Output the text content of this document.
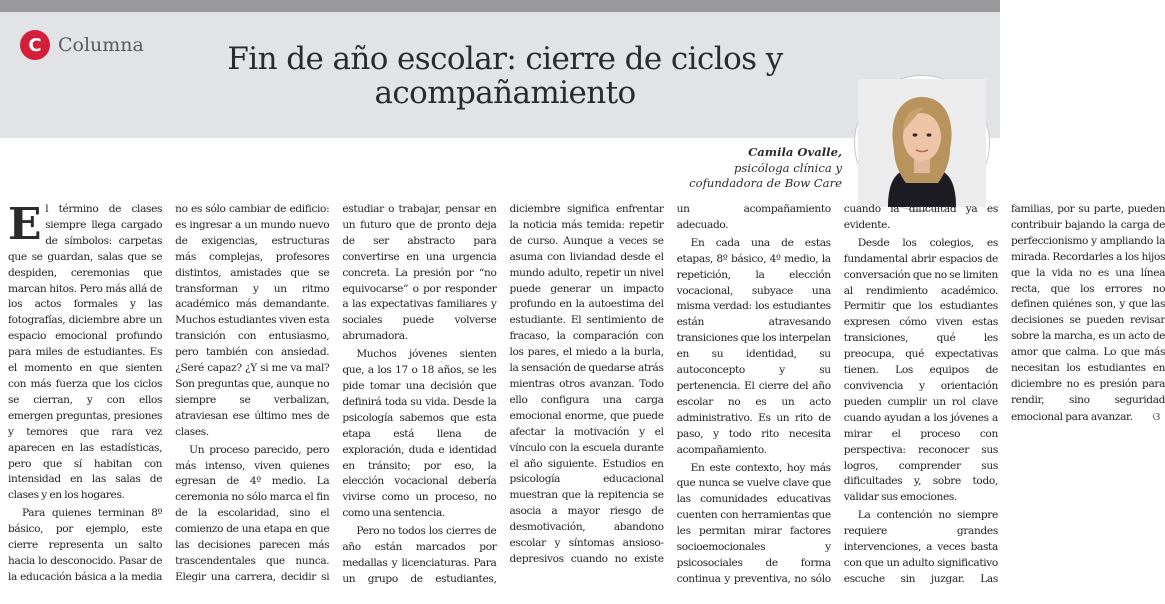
C Columna	Fin de año escolar: cierre de ciclos y acompañamiento
Camila Ovalle,
psicóloga clínica y
cofundadora de Bow Care

El término de clases siempre llega cargado de símbolos: carpetas que se guardan, salas que se despiden, ceremonias que marcan hitos. Pero más allá de los actos formales y las fotografías, diciembre abre un espacio emocional profundo para miles de estudiantes. Es el momento en que sienten con más fuerza que los ciclos se cierran, y con ellos emergen preguntas, presiones y temores que rara vez aparecen en las estadísticas, pero que sí habitan con intensidad en las salas de clases y en los hogares.

Para quienes terminan 8º básico, por ejemplo, este cierre representa un salto hacia lo desconocido. Pasar de la educación básica a la media no es sólo cambiar de edificio: es ingresar a un mundo nuevo de exigencias, estructuras más complejas, profesores distintos, amistades que se transforman y un ritmo académico más demandante. Muchos estudiantes viven esta transición con entusiasmo, pero también con ansiedad. ¿Seré capaz? ¿Y si me va mal? Son preguntas que, aunque no siempre se verbalizan, atraviesan ese último mes de clases.

Un proceso parecido, pero más intenso, viven quienes egresan de 4º medio. La ceremonia no sólo marca el fin de la escolaridad, sino el comienzo de una etapa en que las decisiones parecen más trascendentales que nunca. Elegir una carrera, decidir si estudiar o trabajar, pensar en un futuro que de pronto deja de ser abstracto para convertirse en una urgencia concreta. La presión por “no equivocarse” o por responder a las expectativas familiares y sociales puede volverse abrumadora.

Muchos jóvenes sienten que, a los 17 o 18 años, se les pide tomar una decisión que definirá toda su vida. Desde la psicología sabemos que esta etapa está llena de exploración, duda e identidad en tránsito; por eso, la elección vocacional debería vivirse como un proceso, no como una sentencia.

Pero no todos los cierres de año están marcados por medallas y licenciaturas. Para un grupo de estudiantes, diciembre significa enfrentar la noticia más temida: repetir de curso. Aunque a veces se asuma con liviandad desde el mundo adulto, repetir un nivel puede generar un impacto profundo en la autoestima del estudiante. El sentimiento de fracaso, la comparación con los pares, el miedo a la burla, la sensación de quedarse atrás mientras otros avanzan. Todo ello configura una carga emocional enorme, que puede afectar la motivación y el vínculo con la escuela durante el año siguiente. Estudios en psicología educacional muestran que la repitencia se asocia a mayor riesgo de desmotivación, abandono escolar y síntomas ansioso-depresivos cuando no existe un acompañamiento adecuado.

En cada una de estas etapas, 8º básico, 4º medio, la repetición, la elección vocacional, subyace una misma verdad: los estudiantes están atravesando transiciones que los interpelan en su identidad, su autoconcepto y su pertenencia. El cierre del año escolar no es un acto administrativo. Es un rito de paso, y todo rito necesita acompañamiento.

En este contexto, hoy más que nunca se vuelve clave que las comunidades educativas cuenten con herramientas que les permitan mirar factores socioemocionales y psicosociales de forma continua y preventiva, no sólo cuando la dificultad ya es evidente.

Desde los colegios, es fundamental abrir espacios de conversación que no se limiten al rendimiento académico. Permitir que los estudiantes expresen cómo viven estas transiciones, qué les preocupa, qué expectativas tienen. Los equipos de convivencia y orientación pueden cumplir un rol clave cuando ayudan a los jóvenes a mirar el proceso con perspectiva: reconocer sus logros, comprender sus dificultades y, sobre todo, validar sus emociones.

La contención no siempre requiere grandes intervenciones, a veces basta con que un adulto significativo escuche sin juzgar. Las familias, por su parte, pueden contribuir bajando la carga de perfeccionismo y ampliando la mirada. Recordarles a los hijos que la vida no es una línea recta, que los errores no definen quiénes son, y que las decisiones se pueden revisar sobre la marcha, es un acto de amor que calma. Lo que más necesitan los estudiantes en diciembre no es presión para rendir, sino seguridad emocional para avanzar. ଓ
